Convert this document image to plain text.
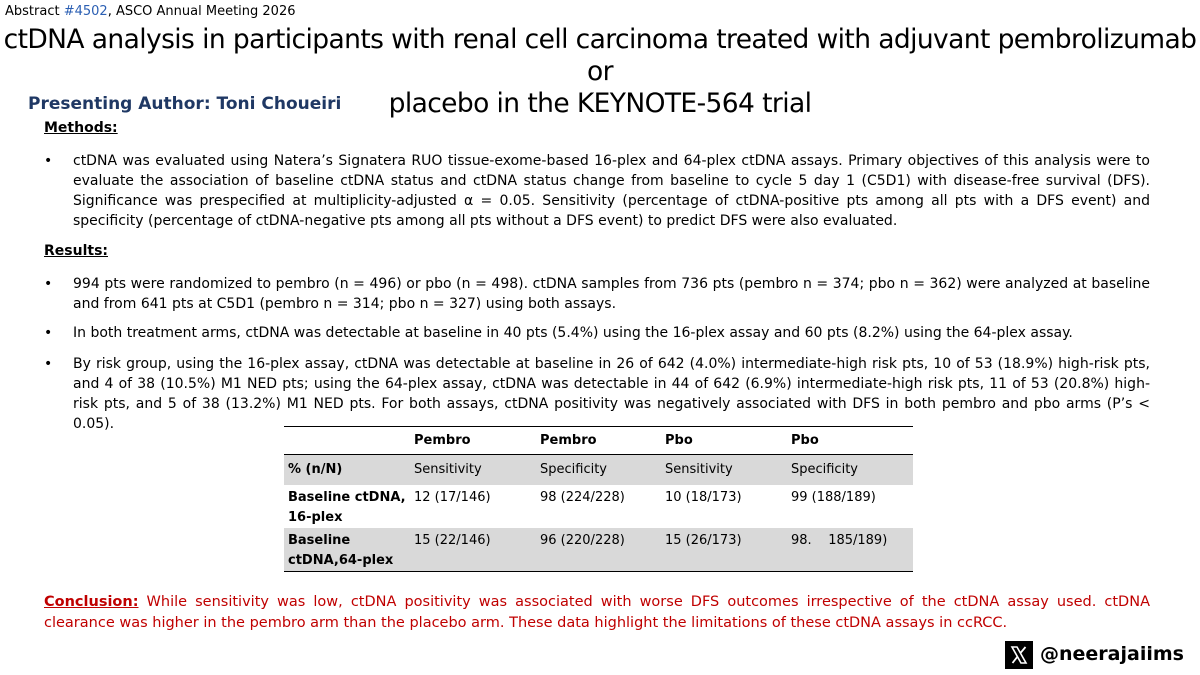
Abstract #4502, ASCO Annual Meeting 2026
ctDNA analysis in participants with renal cell carcinoma treated with adjuvant pembrolizumab or
placebo in the KEYNOTE-564 trial
Presenting Author: Toni Choueiri
Methods:
•	ctDNA was evaluated using Natera’s Signatera RUO tissue-exome-based 16-plex and 64-plex ctDNA assays. Primary objectives of this analysis were to evaluate the association of baseline ctDNA status and ctDNA status change from baseline to cycle 5 day 1 (C5D1) with disease-free survival (DFS). Significance was prespecified at multiplicity-adjusted α = 0.05. Sensitivity (percentage of ctDNA-positive pts among all pts with a DFS event) and specificity (percentage of ctDNA-negative pts among all pts without a DFS event) to predict DFS were also evaluated.
Results:
•	994 pts were randomized to pembro (n = 496) or pbo (n = 498). ctDNA samples from 736 pts (pembro n = 374; pbo n = 362) were analyzed at baseline and from 641 pts at C5D1 (pembro n = 314; pbo n = 327) using both assays.
•	In both treatment arms, ctDNA was detectable at baseline in 40 pts (5.4%) using the 16-plex assay and 60 pts (8.2%) using the 64-plex assay.
•	By risk group, using the 16-plex assay, ctDNA was detectable at baseline in 26 of 642 (4.0%) intermediate-high risk pts, 10 of 53 (18.9%) high-risk pts, and 4 of 38 (10.5%) M1 NED pts; using the 64-plex assay, ctDNA was detectable in 44 of 642 (6.9%) intermediate-high risk pts, 11 of 53 (20.8%) high-risk pts, and 5 of 38 (13.2%) M1 NED pts. For both assays, ctDNA positivity was negatively associated with DFS in both pembro and pbo arms (P’s < 0.05).
	Pembro	Pembro	Pbo	Pbo
% (n/N)	Sensitivity	Specificity	Sensitivity	Specificity
Baseline ctDNA, 16-plex	12 (17/146)	98 (224/228)	10 (18/173)	99 (188/189)
Baseline ctDNA,64-plex	15 (22/146)	96 (220/228)	15 (26/173)	98.    185/189)
Conclusion: While sensitivity was low, ctDNA positivity was associated with worse DFS outcomes irrespective of the ctDNA assay used. ctDNA clearance was higher in the pembro arm than the placebo arm. These data highlight the limitations of these ctDNA assays in ccRCC.
@neerajaiims
